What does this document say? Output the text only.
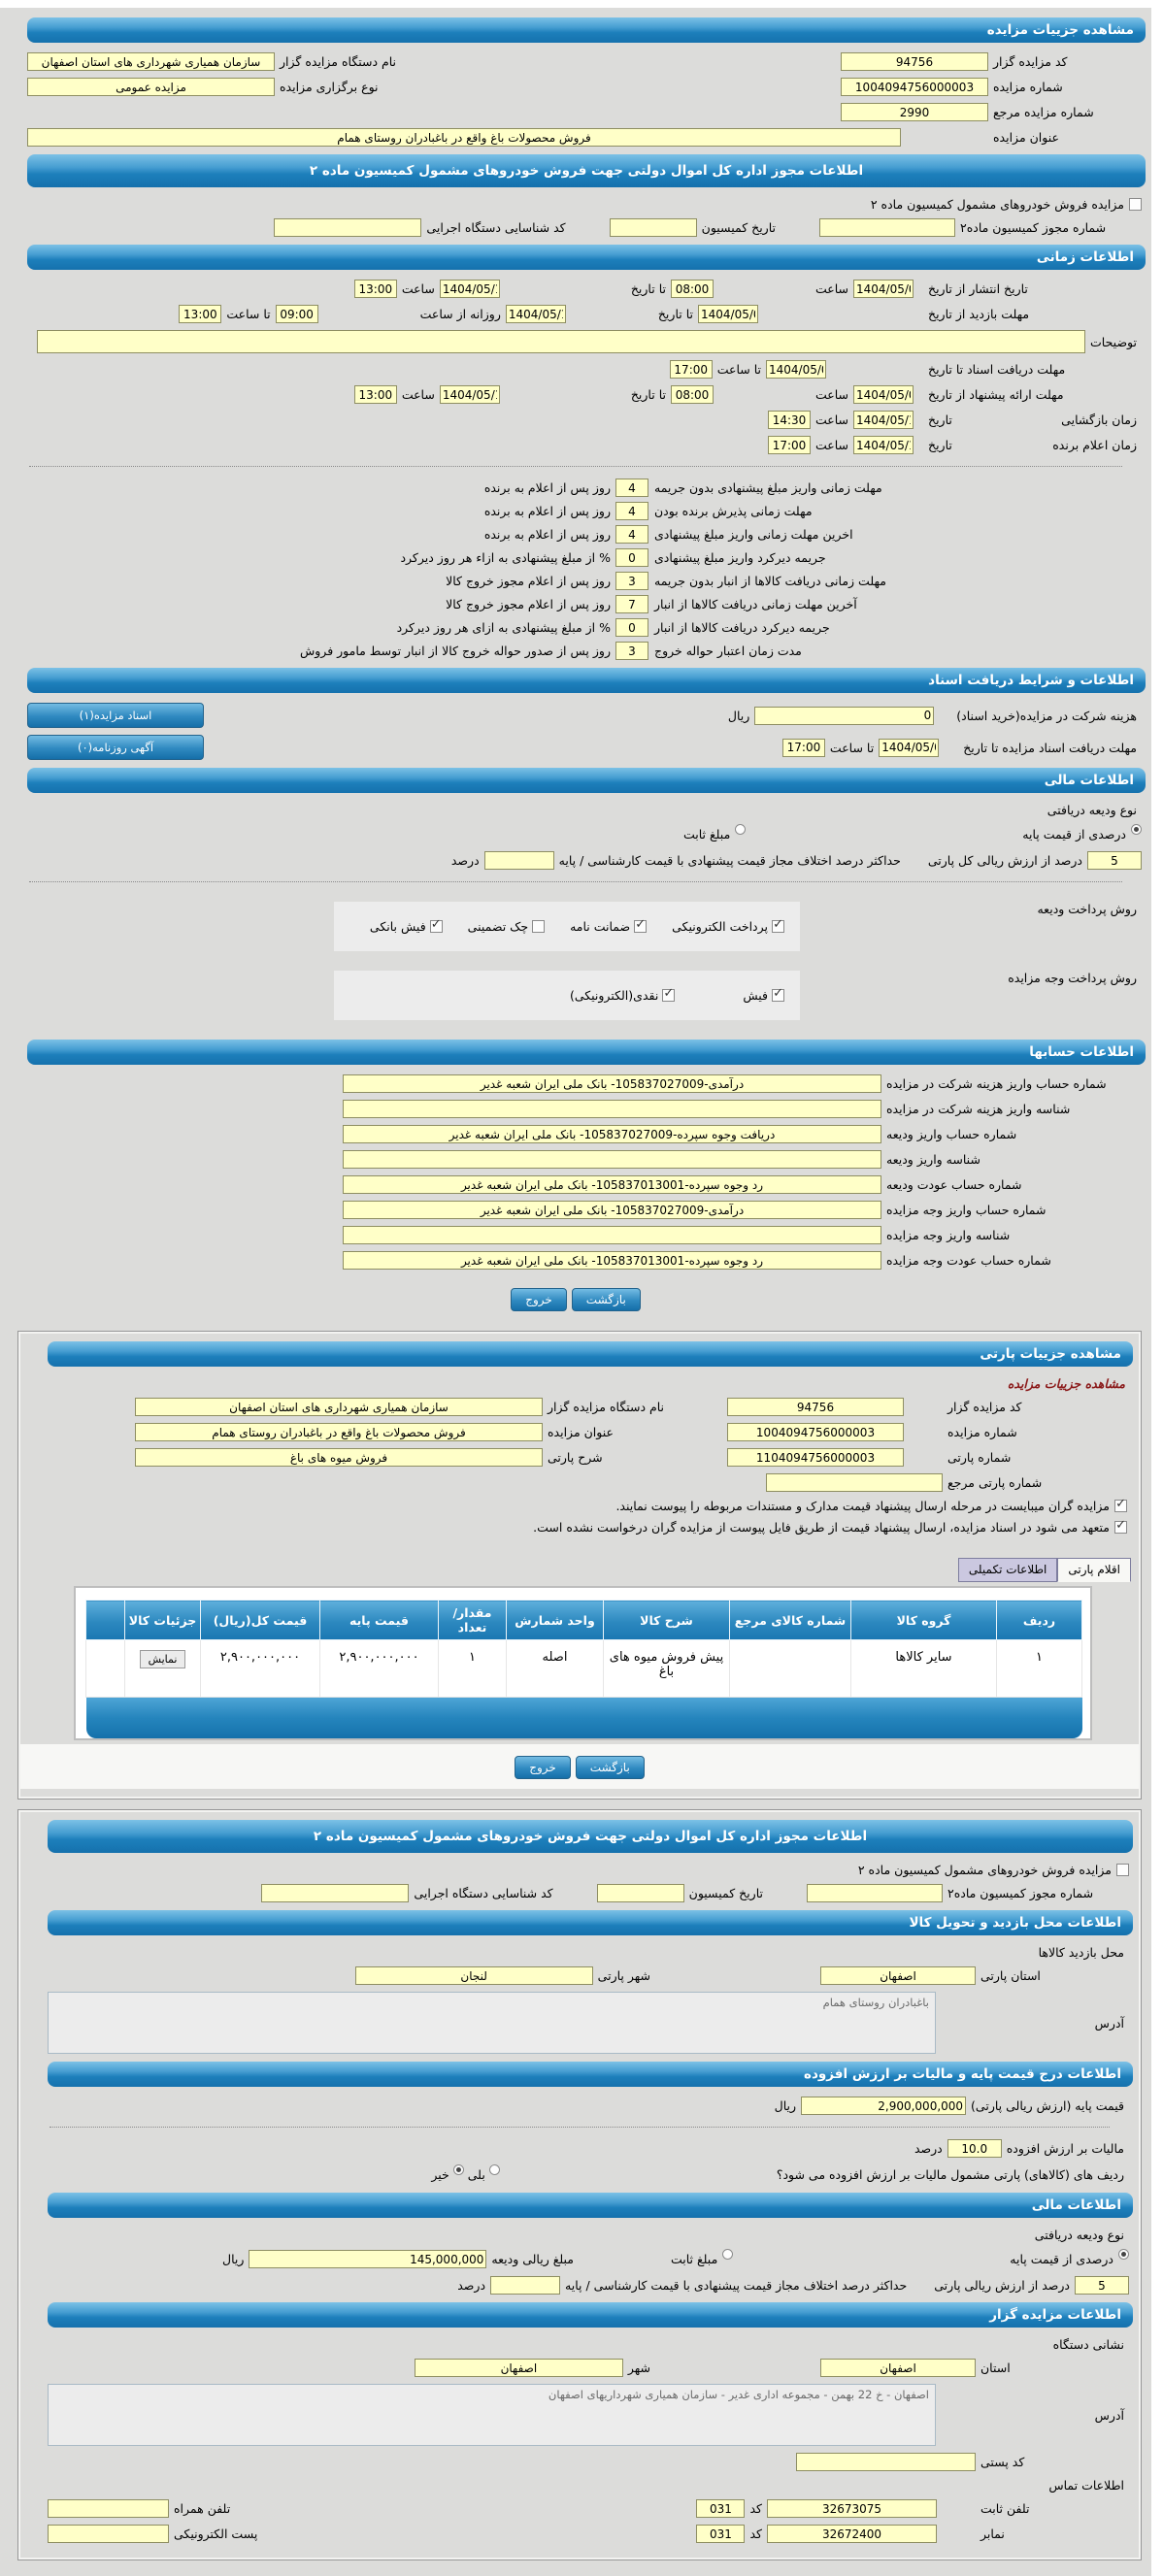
مشاهده جزییات مزایده
کد مزایده گزار
94756
نام دستگاه مزایده گزار
سازمان همیاری شهرداری های استان اصفهان
شماره مزایده
1004094756000003
نوع برگزاری مزایده
مزایده عمومی
شماره مزایده مرجع
2990
عنوان مزایده
فروش محصولات باغ واقع در باغبادران روستای همام
اطلاعات مجوز اداره کل اموال دولتی جهت فروش خودروهای مشمول کمیسیون ماده ۲
مزایده فروش خودروهای مشمول کمیسیون ماده ۲
شماره مجوز کمیسیون ماده۲
تاریخ کمیسیون
کد شناسایی دستگاه اجرایی
اطلاعات زمانی
تاریخ انتشار از تاریخ
1404/05/01
ساعت
08:00
تا تاریخ
1404/05/19
ساعت
13:00
مهلت بازدید از تاریخ
1404/05/01
تا تاریخ
1404/05/18
روزانه از ساعت
09:00
تا ساعت
13:00
توضیحات
مهلت دریافت اسناد تا تاریخ
1404/05/08
تا ساعت
17:00
مهلت ارائه پیشنهاد از تاریخ
1404/05/01
ساعت
08:00
تا تاریخ
1404/05/19
ساعت
13:00
زمان بازگشایی
تاریخ
1404/05/19
ساعت
14:30
زمان اعلام برنده
تاریخ
1404/05/19
ساعت
17:00
مهلت زمانی واریز مبلغ پیشنهادی بدون جریمه
4
روز پس از اعلام به برنده
مهلت زمانی پذیرش برنده بودن
4
روز پس از اعلام به برنده
اخرین مهلت زمانی واریز مبلغ پیشنهادی
4
روز پس از اعلام به برنده
جریمه دیرکرد واریز مبلغ پیشنهادی
0
% از مبلغ پیشنهادی به ازاء هر روز دیرکرد
مهلت زمانی دریافت کالاها از انبار بدون جریمه
3
روز پس از اعلام مجوز خروج کالا
آخرین مهلت زمانی دریافت کالاها از انبار
7
روز پس از اعلام مجوز خروج کالا
جریمه دیرکرد دریافت کالاها از انبار
0
% از مبلغ پیشنهادی به ازای هر روز دیرکرد
مدت زمان اعتبار حواله خروج
3
روز پس از صدور حواله خروج کالا از انبار توسط مامور فروش
اطلاعات و شرایط دریافت اسناد
هزینه شرکت در مزایده(خرید اسناد)
0
ریال
اسناد مزایده(۱)
مهلت دریافت اسناد مزایده تا تاریخ
1404/05/08
تا ساعت
17:00
آگهی روزنامه(۰)
اطلاعات مالی
نوع ودیعه دریافتی
درصدی از قیمت پایه
مبلغ ثابت
5
درصد از ارزش ریالی کل پارتی
حداکثر درصد اختلاف مجاز قیمت پیشنهادی با قیمت کارشناسی / پایه
درصد
روش پرداخت ودیعه
✓
پرداخت الکترونیکی
✓
ضمانت نامه
چک تضمینی
✓
فیش بانکی
روش پرداخت وجه مزایده
✓
فیش
✓
نقدی(الکترونیکی)
اطلاعات حسابها
شماره حساب واریز هزینه شرکت در مزایده
درآمدی-105837027009- بانک ملی ایران شعبه غدیر
شناسه واریز هزینه شرکت در مزایده
شماره حساب واریز ودیعه
دریافت وجوه سپرده-105837027009- بانک ملی ایران شعبه غدیر
شناسه واریز ودیعه
شماره حساب عودت ودیعه
رد وجوه سپرده-105837013001- بانک ملی ایران شعبه غدیر
شماره حساب واریز وجه مزایده
درآمدی-105837027009- بانک ملی ایران شعبه غدیر
شناسه واریز وجه مزایده
شماره حساب عودت وجه مزایده
رد وجوه سپرده-105837013001- بانک ملی ایران شعبه غدیر
بازگشت
خروج
مشاهده جزییات پارتی
مشاهده جزییات مزایده
کد مزایده گزار
94756
نام دستگاه مزایده گزار
سازمان همیاری شهرداری های استان اصفهان
شماره مزایده
1004094756000003
عنوان مزایده
فروش محصولات باغ واقع در باغبادران روستای همام
شماره پارتی
1104094756000003
شرح پارتی
فروش میوه های باغ
شماره پارتی مرجع
✓
مزایده گران میبایست در مرحله ارسال پیشنهاد قیمت مدارک و مستندات مربوطه را پیوست نمایند.
✓
متعهد می شود در اسناد مزایده، ارسال پیشنهاد قیمت از طریق فایل پیوست از مزایده گران درخواست نشده است.
اقلام پارتی
اطلاعات تکمیلی
ردیف	گروه کالا	شماره کالای مرجع	شرح کالا	واحد شمارش	مقدار/ تعداد	قیمت پایه	قیمت کل(ریال)	جزئیات کالا	
۱	سایر کالاها		پیش فروش میوه های باغ	اصله	۱	۲,۹۰۰,۰۰۰,۰۰۰	۲,۹۰۰,۰۰۰,۰۰۰	نمایش	
بازگشت
خروج
اطلاعات مجوز اداره کل اموال دولتی جهت فروش خودروهای مشمول کمیسیون ماده ۲
مزایده فروش خودروهای مشمول کمیسیون ماده ۲
شماره مجوز کمیسیون ماده۲
تاریخ کمیسیون
کد شناسایی دستگاه اجرایی
اطلاعات محل بازدید و تحویل کالا
محل بازدید کالاها
استان پارتی
اصفهان
شهر پارتی
لنجان
آدرس
باغبادران روستای همام
اطلاعات درج قیمت پایه و مالیات بر ارزش افزوده
قیمت پایه (ارزش ریالی پارتی)
2,900,000,000
ریال
مالیات بر ارزش افزوده
10.0
درصد
ردیف های (کالاهای) پارتی مشمول مالیات بر ارزش افزوده می شود؟
بلی
خیر
اطلاعات مالی
نوع ودیعه دریافتی
درصدی از قیمت پایه
مبلغ ثابت
مبلغ ریالی ودیعه
145,000,000
ریال
5
درصد از ارزش ریالی پارتی
حداکثر درصد اختلاف مجاز قیمت پیشنهادی با قیمت کارشناسی / پایه
درصد
اطلاعات مزایده گزار
نشانی دستگاه
استان
اصفهان
شهر
اصفهان
آدرس
اصفهان - خ 22 بهمن - مجموعه اداری غدیر - سازمان همیاری شهرداریهای اصفهان
کد پستی
اطلاعات تماس
تلفن ثابت
32673075
کد
031
تلفن همراه
نمابر
32672400
کد
031
پست الکترونیکی
